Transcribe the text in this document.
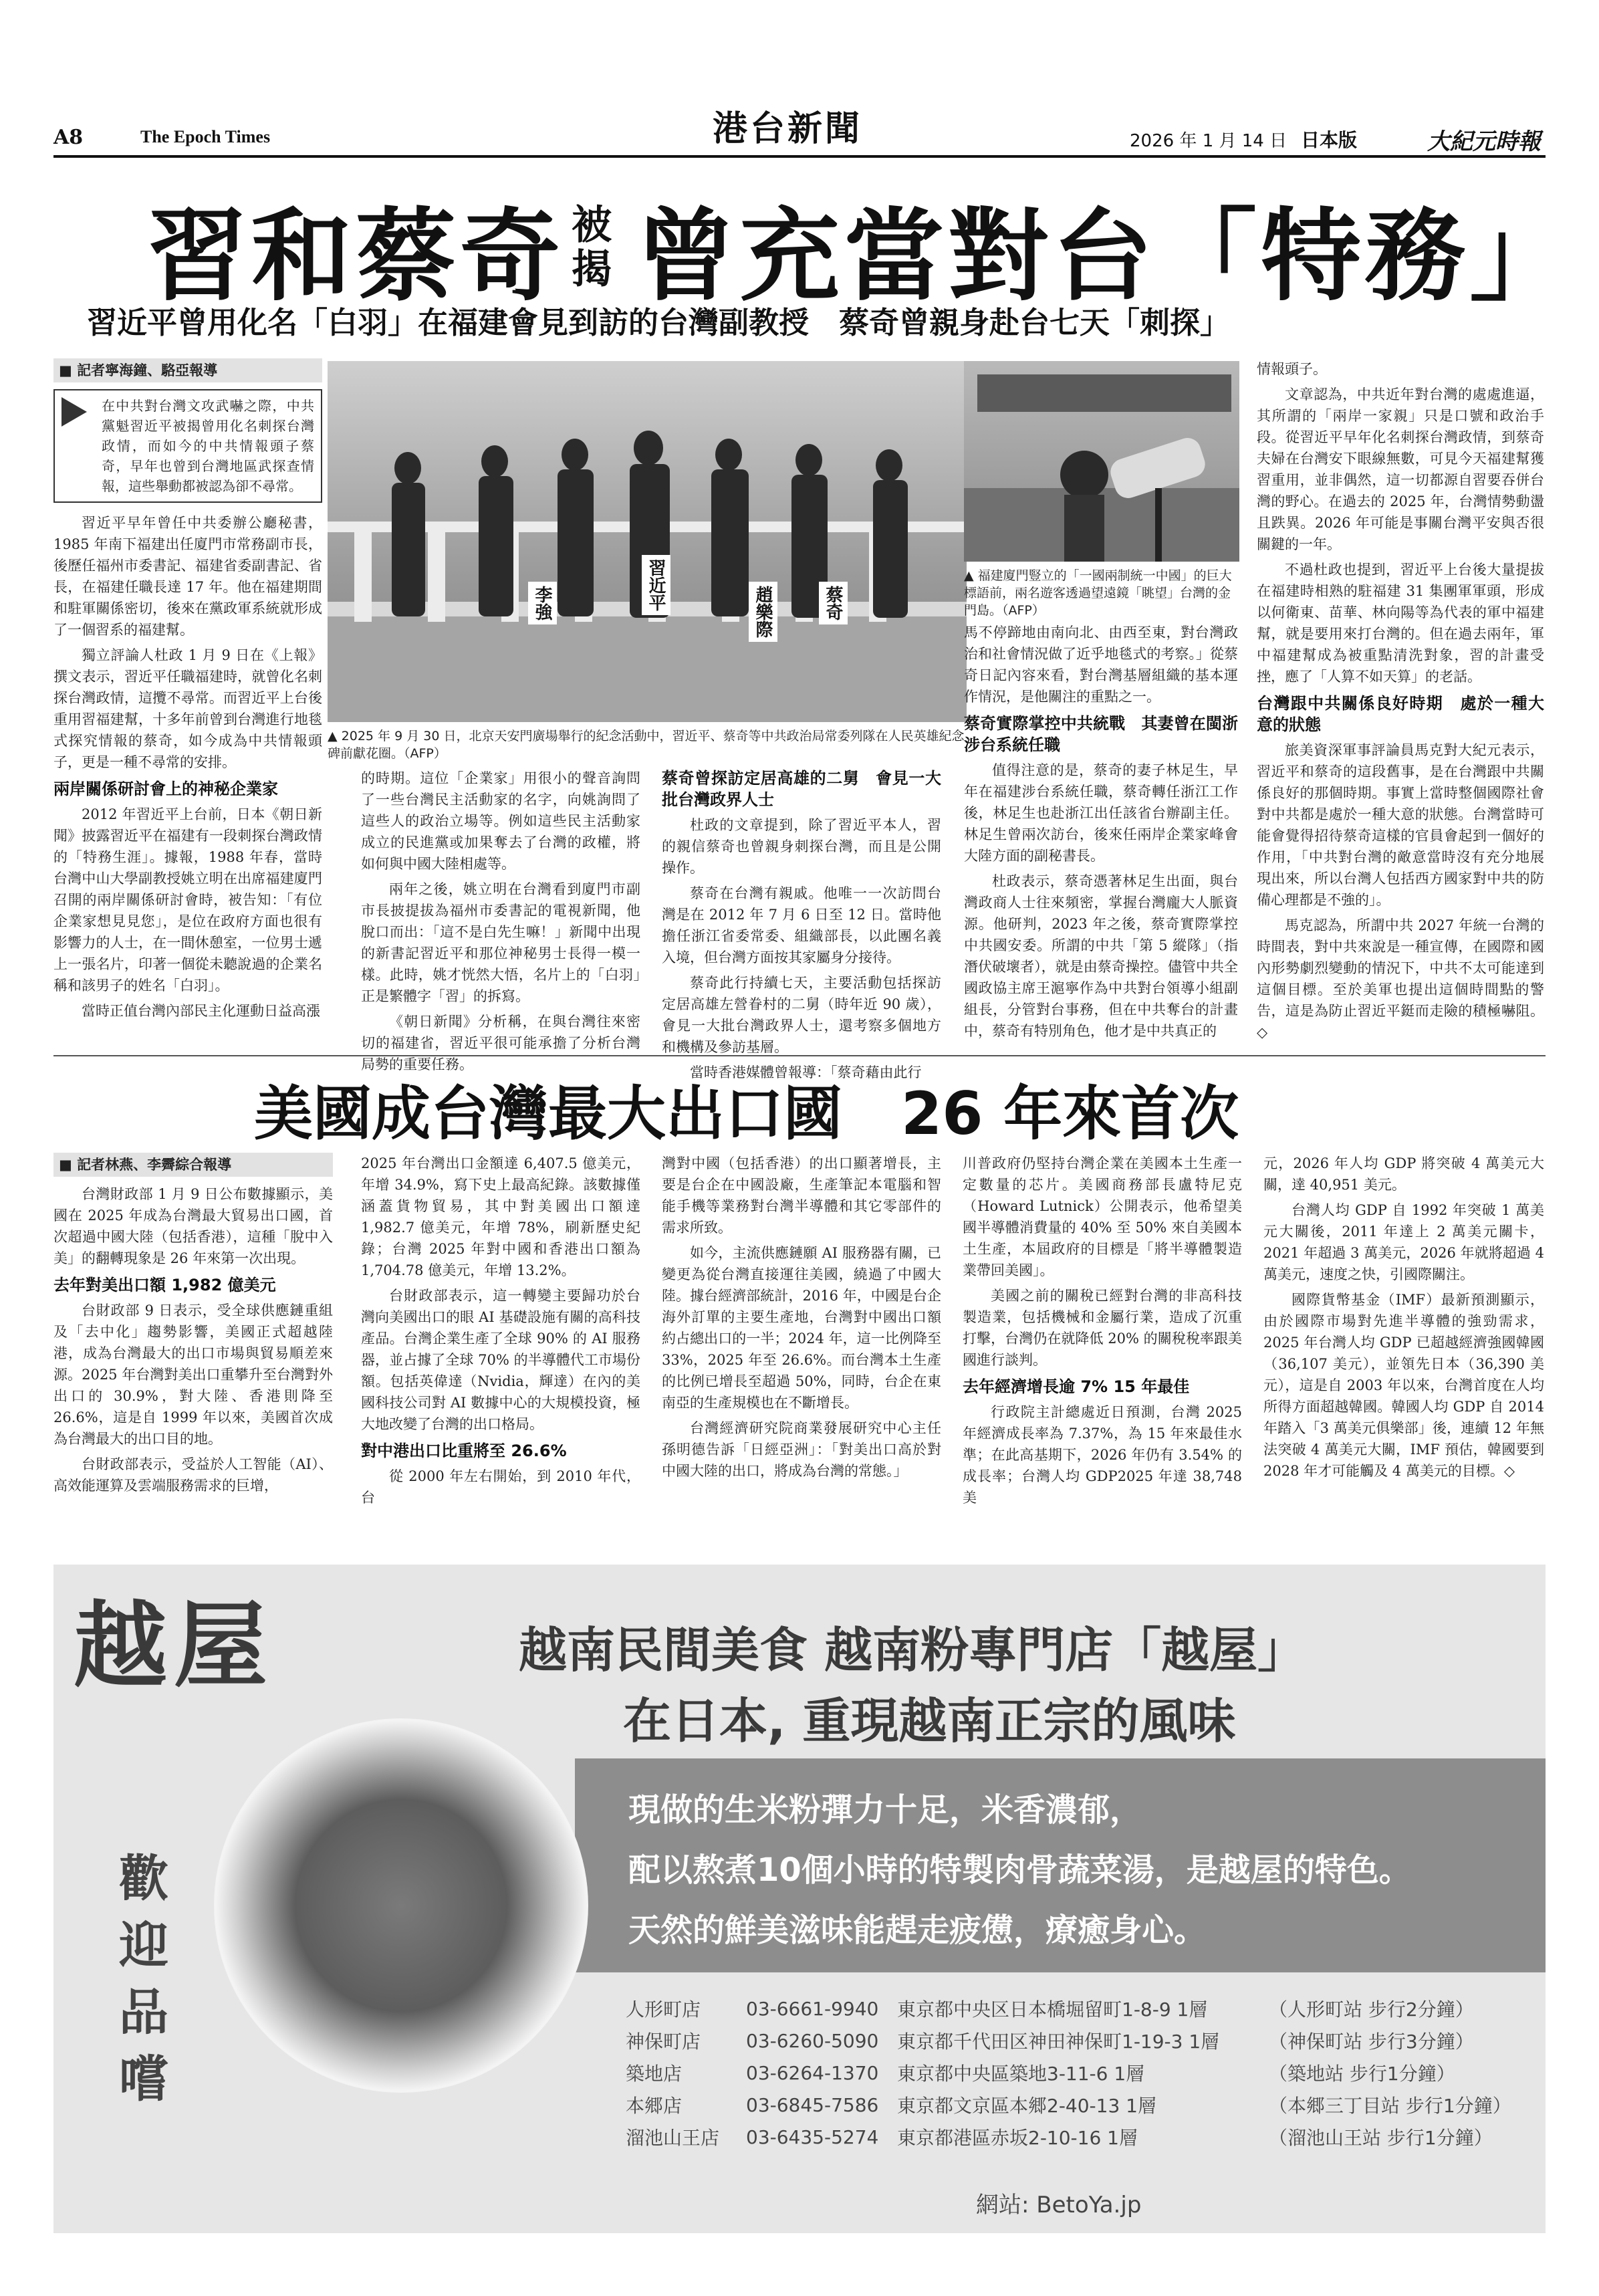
A8	The Epoch Times	港台新聞	2026 年 1 月 14 日 日本版	大紀元時報
習和蔡奇 被揭 曾充當對台「特務」
習近平曾用化名「白羽」在福建會見到訪的台灣副教授　蔡奇曾親身赴台七天「刺探」
■ 記者寧海鐘、駱亞報導
在中共對台灣文攻武嚇之際，中共黨魁習近平被揭曾用化名刺探台灣政情，而如今的中共情報頭子蔡奇，早年也曾到台灣地區武探查情報，這些舉動都被認為卻不尋常。

習近平早年曾任中共委辦公廳秘書，1985 年南下福建出任廈門市常務副市長，後歷任福州市委書記、福建省委副書記、省長，在福建任職長達 17 年。他在福建期間和駐軍關係密切，後來在黨政軍系統就形成了一個習系的福建幫。

獨立評論人杜政 1 月 9 日在《上報》撰文表示，習近平任職福建時，就曾化名刺探台灣政情，這攬不尋常。而習近平上台後重用習福建幫，十多年前曾到台灣進行地毯式探究情報的蔡奇，如今成為中共情報頭子，更是一種不尋常的安排。

兩岸關係研討會上的神秘企業家

2012 年習近平上台前，日本《朝日新聞》披露習近平在福建有一段刺探台灣政情的「特務生涯」。據報，1988 年春，當時台灣中山大學副教授姚立明在出席福建廈門召開的兩岸關係研討會時，被告知：「有位企業家想見見您」，是位在政府方面也很有影響力的人士，在一間休憩室，一位男士遞上一張名片，印著一個從未聽說過的企業名稱和該男子的姓名「白羽」。

當時正值台灣內部民主化運動日益高漲

李強	習近平
趙樂際	蔡奇
▲ 2025 年 9 月 30 日，北京天安門廣場舉行的紀念活動中，習近平、蔡奇等中共政治局常委列隊在人民英雄紀念碑前獻花圈。（AFP）

的時期。這位「企業家」用很小的聲音詢問了一些台灣民主活動家的名字，向姚詢問了這些人的政治立場等。例如這些民主活動家成立的民進黨或加果奪去了台灣的政權，將如何與中國大陸相處等。

兩年之後，姚立明在台灣看到廈門市副市長披提拔為福州市委書記的電視新聞，他脫口而出：「這不是白先生嘛！」新聞中出現的新書記習近平和那位神秘男士長得一模一樣。此時，姚才恍然大悟，名片上的「白羽」正是繁體字「習」的拆寫。

《朝日新聞》分析稱，在與台灣往來密切的福建省，習近平很可能承擔了分析台灣局勢的重要任務。

蔡奇曾探訪定居高雄的二舅　會見一大批台灣政界人士

杜政的文章提到，除了習近平本人，習的親信蔡奇也曾親身刺探台灣，而且是公開操作。

蔡奇在台灣有親戚。他唯一一次訪問台灣是在 2012 年 7 月 6 日至 12 日。當時他擔任浙江省委常委、組織部長，以此團名義入境，但台灣方面按其家屬身分接待。

蔡奇此行持續七天，主要活動包括探訪定居高雄左營眷村的二舅（時年近 90 歲），會見一大批台灣政界人士，還考察多個地方和機構及參訪基層。

當時香港媒體曾報導：「蔡奇藉由此行

▲ 福建廈門豎立的「一國兩制統一中國」的巨大標語前，兩名遊客透過望遠鏡「眺望」台灣的金門島。（AFP）

馬不停蹄地由南向北、由西至東，對台灣政治和社會情況做了近乎地毯式的考察。」從蔡奇日記內容來看，對台灣基層組織的基本運作情況，是他關注的重點之一。

蔡奇實際掌控中共統戰　其妻曾在閩浙涉台系統任職

值得注意的是，蔡奇的妻子林足生，早年在福建涉台系統任職，蔡奇轉任浙江工作後，林足生也赴浙江出任該省台辦副主任。林足生曾兩次訪台，後來任兩岸企業家峰會大陸方面的副秘書長。

杜政表示，蔡奇憑著林足生出面，與台灣政商人士往來頻密，掌握台灣龐大人脈資源。他研判，2023 年之後，蔡奇實際掌控中共國安委。所謂的中共「第 5 縱隊」（指潛伏破壞者），就是由蔡奇操控。儘管中共全國政協主席王滬寧作為中共對台領導小組副組長，分管對台事務，但在中共奪台的計畫中，蔡奇有特別角色，他才是中共真正的

情報頭子。

文章認為，中共近年對台灣的處處進逼，其所謂的「兩岸一家親」只是口號和政治手段。從習近平早年化名刺探台灣政情，到蔡奇夫婦在台灣安下眼線無數，可見今天福建幫獲習重用，並非偶然，這一切都源自習要吞併台灣的野心。在過去的 2025 年，台灣情勢動盪且跌異。2026 年可能是事關台灣平安與否很關鍵的一年。

不過杜政也提到，習近平上台後大量提拔在福建時相熟的駐福建 31 集團軍軍頭，形成以何衛東、苗華、林向陽等為代表的軍中福建幫，就是要用來打台灣的。但在過去兩年，軍中福建幫成為被重點清洗對象，習的計畫受挫，應了「人算不如天算」的老話。

台灣跟中共關係良好時期　處於一種大意的狀態

旅美資深軍事評論員馬克對大紀元表示，習近平和蔡奇的這段舊事，是在台灣跟中共關係良好的那個時期。事實上當時整個國際社會對中共都是處於一種大意的狀態。台灣當時可能會覺得招待蔡奇這樣的官員會起到一個好的作用，「中共對台灣的敵意當時沒有充分地展現出來，所以台灣人包括西方國家對中共的防備心理都是不強的」。

馬克認為，所謂中共 2027 年統一台灣的時間表，對中共來說是一種宣傳，在國際和國內形勢劇烈變動的情況下，中共不太可能達到這個目標。至於美軍也提出這個時間點的警告，這是為防止習近平鋌而走險的積極嚇阻。◇

美國成台灣最大出口國　26 年來首次
■ 記者林燕、李霽綜合報導

台灣財政部 1 月 9 日公布數據顯示，美國在 2025 年成為台灣最大貿易出口國，首次超過中國大陸（包括香港），這種「脫中入美」的翻轉現象是 26 年來第一次出現。

去年對美出口額 1,982 億美元

台財政部 9 日表示，受全球供應鏈重組及「去中化」趨勢影響，美國正式超越陸港，成為台灣最大的出口市場與貿易順差來源。2025 年台灣對美出口重攀升至台灣對外出口的 30.9%，對大陸、香港則降至 26.6%，這是自 1999 年以來，美國首次成為台灣最大的出口目的地。

台財政部表示，受益於人工智能（AI）、高效能運算及雲端服務需求的巨增，

2025 年台灣出口金額達 6,407.5 億美元，年增 34.9%，寫下史上最高紀錄。該數據僅涵蓋貨物貿易，其中對美國出口額達 1,982.7 億美元，年增 78%，刷新歷史紀錄；台灣 2025 年對中國和香港出口額為 1,704.78 億美元，年增 13.2%。

台財政部表示，這一轉變主要歸功於台灣向美國出口的眼 AI 基礎設施有關的高科技產品。台灣企業生產了全球 90% 的 AI 服務器，並占據了全球 70% 的半導體代工市場份額。包括英偉達（Nvidia，輝達）在內的美國科技公司對 AI 數據中心的大規模投資，極大地改變了台灣的出口格局。

對中港出口比重將至 26.6%

從 2000 年左右開始，到 2010 年代，台

灣對中國（包括香港）的出口顯著增長，主要是台企在中國設廠，生產筆記本電腦和智能手機等業務對台灣半導體和其它零部件的需求所致。

如今，主流供應鏈願 AI 服務器有關，已變更為從台灣直接運往美國，繞過了中國大陸。據台經濟部統計，2016 年，中國是台企海外訂單的主要生產地，台灣對中國出口額約占總出口的一半；2024 年，這一比例降至 33%，2025 年至 26.6%。而台灣本土生產的比例已增長至超過 50%，同時，台企在東南亞的生產規模也在不斷增長。

台灣經濟研究院商業發展研究中心主任孫明德告訴「日經亞洲」：「對美出口高於對中國大陸的出口，將成為台灣的常態。」

川普政府仍堅持台灣企業在美國本土生產一定數量的芯片。美國商務部長盧特尼克（Howard Lutnick）公開表示，他希望美國半導體消費量的 40% 至 50% 來自美國本土生產，本屆政府的目標是「將半導體製造業帶回美國」。

美國之前的關稅已經對台灣的非高科技製造業，包括機械和金屬行業，造成了沉重打擊，台灣仍在就降低 20% 的關稅稅率跟美國進行談判。

去年經濟增長逾 7% 15 年最佳

行政院主計總處近日預測，台灣 2025 年經濟成長率為 7.37%，為 15 年來最佳水準；在此高基期下，2026 年仍有 3.54% 的成長率；台灣人均 GDP2025 年達 38,748 美

元，2026 年人均 GDP 將突破 4 萬美元大關，達 40,951 美元。

台灣人均 GDP 自 1992 年突破 1 萬美元大關後，2011 年達上 2 萬美元關卡，2021 年超過 3 萬美元，2026 年就將超過 4 萬美元，速度之快，引國際關注。

國際貨幣基金（IMF）最新預測顯示，由於國際市場對先進半導體的強勁需求，2025 年台灣人均 GDP 已超越經濟強國韓國（36,107 美元），並領先日本（36,390 美元），這是自 2003 年以來，台灣首度在人均所得方面超越韓國。韓國人均 GDP 自 2014 年踏入「3 萬美元俱樂部」後，連續 12 年無法突破 4 萬美元大關，IMF 預估，韓國要到 2028 年才可能觸及 4 萬美元的目標。◇

越屋	越南民間美食 越南粉專門店「越屋」
在日本, 重現越南正宗的風味
現做的生米粉彈力十足，米香濃郁，
配以熬煮10個小時的特製肉骨蔬菜湯，是越屋的特色。
天然的鮮美滋味能趕走疲憊，療癒身心。
歡迎品嚐
人形町店	03-6661-9940 東京都中央区日本橋堀留町1-8-9 1層	（人形町站 步行2分鐘）
神保町店	03-6260-5090 東京都千代田区神田神保町1-19-3 1層	（神保町站 步行3分鐘）
築地店	03-6264-1370 東京都中央區築地3-11-6 1層	（築地站 步行1分鐘）
本郷店	03-6845-7586 東京都文京區本郷2-40-13 1層	（本郷三丁目站 步行1分鐘）
溜池山王店	03-6435-5274 東京都港區赤坂2-10-16 1層	（溜池山王站 步行1分鐘）
網站: BetoYa.jp
